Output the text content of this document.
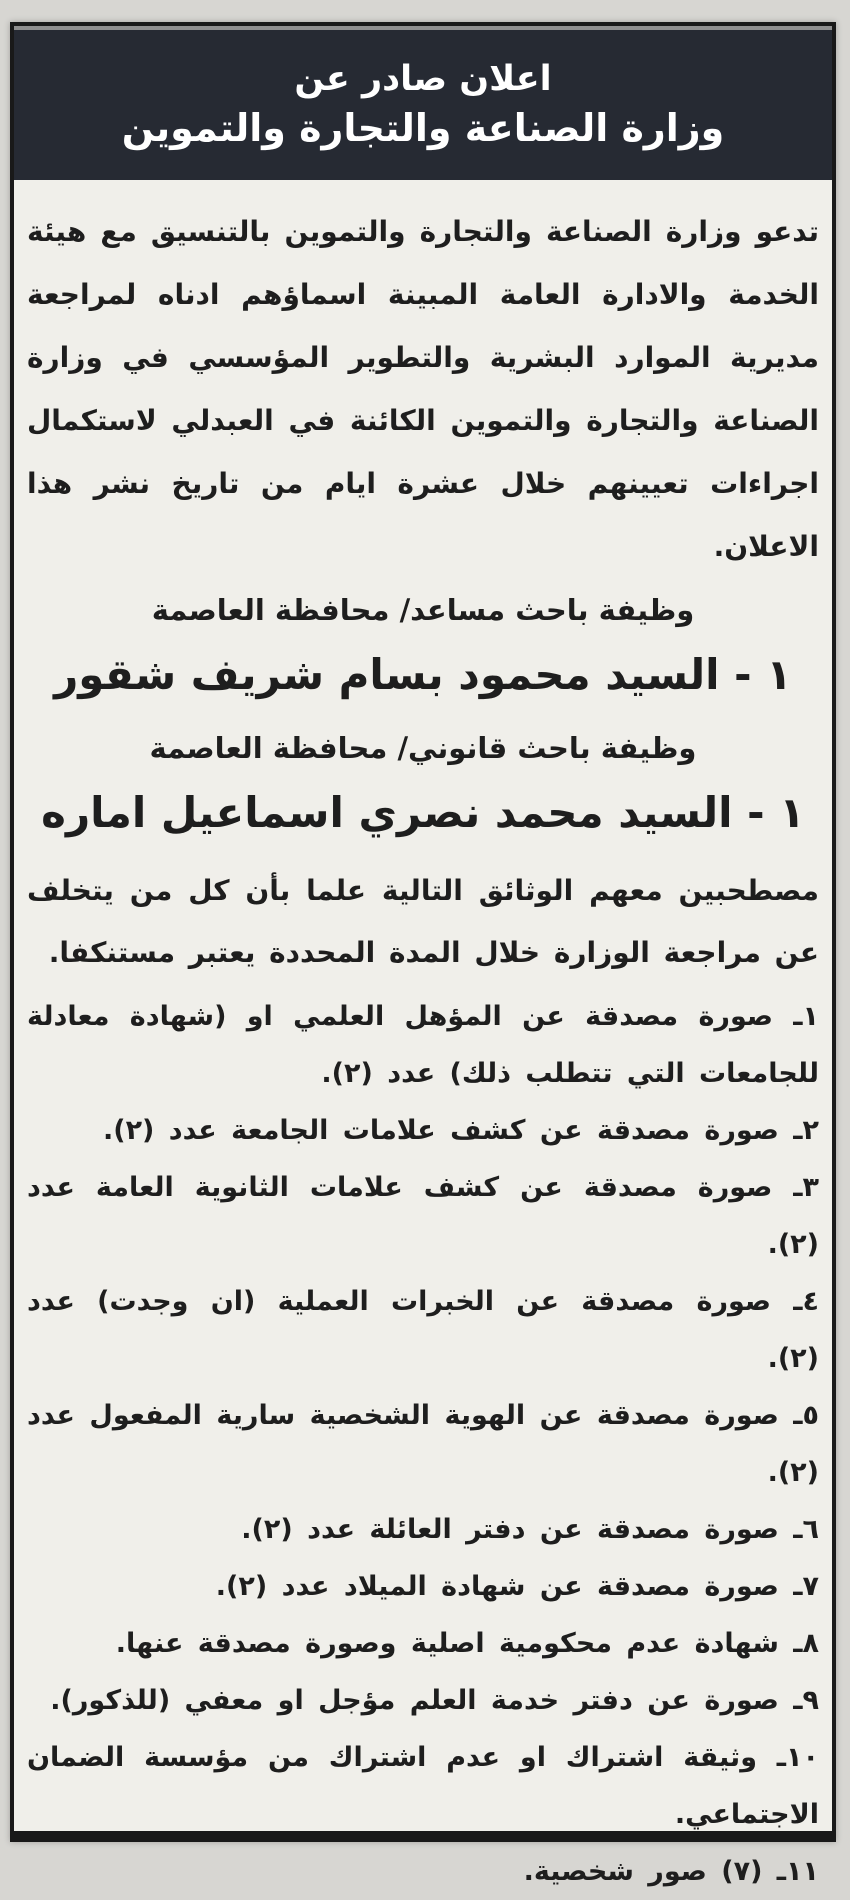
اعلان صادر عن
وزارة الصناعة والتجارة والتموين

تدعو وزارة الصناعة والتجارة والتموين بالتنسيق مع هيئة الخدمة والادارة العامة المبينة اسماؤهم ادناه لمراجعة مديرية الموارد البشرية والتطوير المؤسسي في وزارة الصناعة والتجارة والتموين الكائنة في العبدلي لاستكمال اجراءات تعيينهم خلال عشرة ايام من تاريخ نشر هذا الاعلان.

وظيفة باحث مساعد/ محافظة العاصمة
١ - السيد محمود بسام شريف شقور
وظيفة باحث قانوني/ محافظة العاصمة
١ - السيد محمد نصري اسماعيل اماره

مصطحبين معهم الوثائق التالية علما بأن كل من يتخلف عن مراجعة الوزارة خلال المدة المحددة يعتبر مستنكفا.

١ـ صورة مصدقة عن المؤهل العلمي او (شهادة معادلة للجامعات التي تتطلب ذلك) عدد (٢).
٢ـ صورة مصدقة عن كشف علامات الجامعة عدد (٢).
٣ـ صورة مصدقة عن كشف علامات الثانوية العامة عدد (٢).
٤ـ صورة مصدقة عن الخبرات العملية (ان وجدت) عدد (٢).
٥ـ صورة مصدقة عن الهوية الشخصية سارية المفعول عدد (٢).
٦ـ صورة مصدقة عن دفتر العائلة عدد (٢).
٧ـ صورة مصدقة عن شهادة الميلاد عدد (٢).
٨ـ شهادة عدم محكومية اصلية وصورة مصدقة عنها.
٩ـ صورة عن دفتر خدمة العلم مؤجل او معفي (للذكور).
١٠ـ وثيقة اشتراك او عدم اشتراك من مؤسسة الضمان الاجتماعي.
١١ـ (٧) صور شخصية.
